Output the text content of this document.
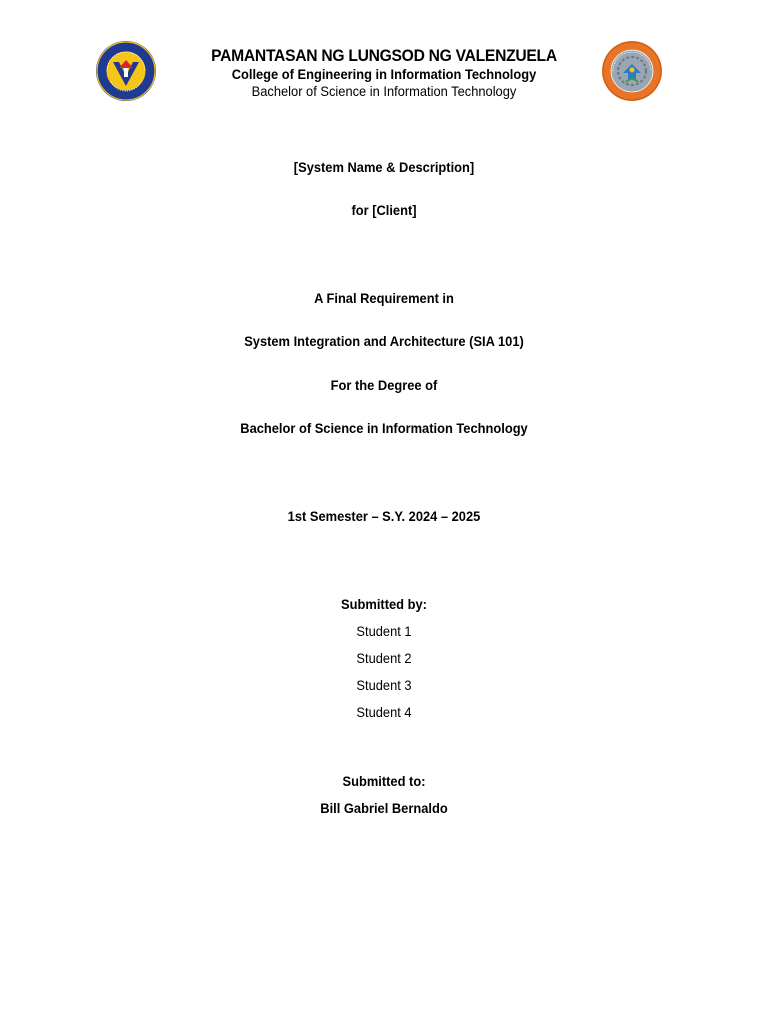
PAMANTASAN NG LUNGSOD NG VALENZUELA
College of Engineering in Information Technology
Bachelor of Science in Information Technology
[System Name & Description]
for [Client]
A Final Requirement in
System Integration and Architecture (SIA 101)
For the Degree of
Bachelor of Science in Information Technology
1st Semester – S.Y. 2024 – 2025
Submitted by:
Student 1
Student 2
Student 3
Student 4
Submitted to:
Bill Gabriel Bernaldo
